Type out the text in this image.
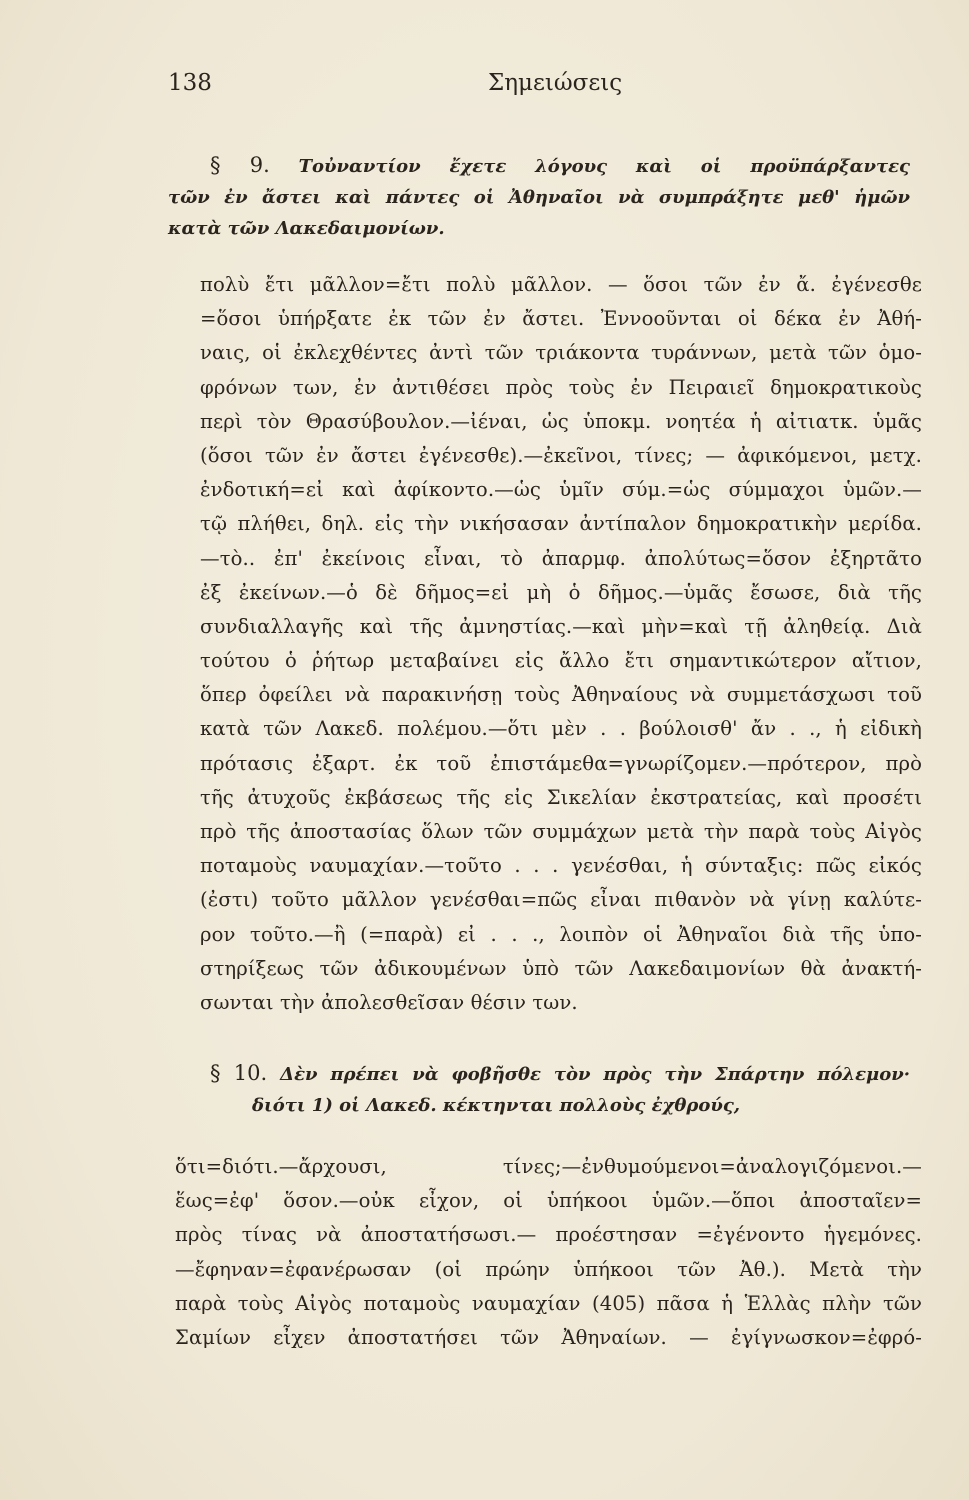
138	Σημειώσεις
§ 9. Τοὐναντίον ἔχετε λόγους καὶ οἱ προϋπάρξαντες
τῶν ἐν ἄστει καὶ πάντες οἱ Ἀθηναῖοι νὰ συμπράξητε μεθ' ἡμῶν
κατὰ τῶν Λακεδαιμονίων.
πολὺ ἔτι μᾶλλον=ἔτι πολὺ μᾶλλον. — ὅσοι τῶν ἐν ἄ. ἐγένεσθε
=ὅσοι ὑπήρξατε ἐκ τῶν ἐν ἄστει. Ἐννοοῦνται οἱ δέκα ἐν Ἀθή-
ναις, οἱ ἐκλεχθέντες ἀντὶ τῶν τριάκοντα τυράννων, μετὰ τῶν ὁμο-
φρόνων των, ἐν ἀντιθέσει πρὸς τοὺς ἐν Πειραιεῖ δημοκρατικοὺς
περὶ τὸν Θρασύβουλον.—ἰέναι, ὡς ὑποκμ. νοητέα ἡ αἰτιατκ. ὑμᾶς
(ὅσοι τῶν ἐν ἄστει ἐγένεσθε).—ἐκεῖνοι, τίνες; — ἀφικόμενοι, μετχ.
ἐνδοτική=εἰ καὶ ἀφίκοντο.—ὡς ὑμῖν σύμ.=ὡς σύμμαχοι ὑμῶν.—
τῷ πλήθει, δηλ. εἰς τὴν νικήσασαν ἀντίπαλον δημοκρατικὴν μερίδα.
—τὸ.. ἐπ' ἐκείνοις εἶναι, τὸ ἀπαρμφ. ἀπολύτως=ὅσον ἐξηρτᾶτο
ἐξ ἐκείνων.—ὁ δὲ δῆμος=εἰ μὴ ὁ δῆμος.—ὑμᾶς ἔσωσε, διὰ τῆς
συνδιαλλαγῆς καὶ τῆς ἀμνηστίας.—καὶ μὴν=καὶ τῇ ἀληθείᾳ. Διὰ
τούτου ὁ ῥήτωρ μεταβαίνει εἰς ἄλλο ἔτι σημαντικώτερον αἴτιον,
ὅπερ ὀφείλει νὰ παρακινήσῃ τοὺς Ἀθηναίους νὰ συμμετάσχωσι τοῦ
κατὰ τῶν Λακεδ. πολέμου.—ὅτι μὲν . . βούλοισθ' ἄν . ., ἡ εἰδικὴ
πρότασις ἐξαρτ. ἐκ τοῦ ἐπιστάμεθα=γνωρίζομεν.—πρότερον, πρὸ
τῆς ἀτυχοῦς ἐκβάσεως τῆς εἰς Σικελίαν ἐκστρατείας, καὶ προσέτι
πρὸ τῆς ἀποστασίας ὅλων τῶν συμμάχων μετὰ τὴν παρὰ τοὺς Αἰγὸς
ποταμοὺς ναυμαχίαν.—τοῦτο . . . γενέσθαι, ἡ σύνταξις: πῶς εἰκός
(ἐστι) τοῦτο μᾶλλον γενέσθαι=πῶς εἶναι πιθανὸν νὰ γίνῃ καλύτε-
ρον τοῦτο.—ἢ (=παρὰ) εἰ . . ., λοιπὸν οἱ Ἀθηναῖοι διὰ τῆς ὑπο-
στηρίξεως τῶν ἀδικουμένων ὑπὸ τῶν Λακεδαιμονίων θὰ ἀνακτή-
σωνται τὴν ἀπολεσθεῖσαν θέσιν των.
§ 10. Δὲν πρέπει νὰ φοβῆσθε τὸν πρὸς τὴν Σπάρτην πόλεμον·
διότι 1) οἱ Λακεδ. κέκτηνται πολλοὺς ἐχθρούς,
ὅτι=διότι.—ἄρχουσι, τίνες;—ἐνθυμούμενοι=ἀναλογιζόμενοι.—
ἕως=ἐφ' ὅσον.—οὐκ εἶχον, οἱ ὑπήκοοι ὑμῶν.—ὅποι ἀποσταῖεν=
πρὸς τίνας νὰ ἀποστατήσωσι.— προέστησαν =ἐγένοντο ἡγεμόνες.
—ἔφηναν=ἐφανέρωσαν (οἱ πρώην ὑπήκοοι τῶν Ἀθ.). Μετὰ τὴν
παρὰ τοὺς Αἰγὸς ποταμοὺς ναυμαχίαν (405) πᾶσα ἡ Ἑλλὰς πλὴν τῶν
Σαμίων εἶχεν ἀποστατήσει τῶν Ἀθηναίων. — ἐγίγνωσκον=ἐφρό-
